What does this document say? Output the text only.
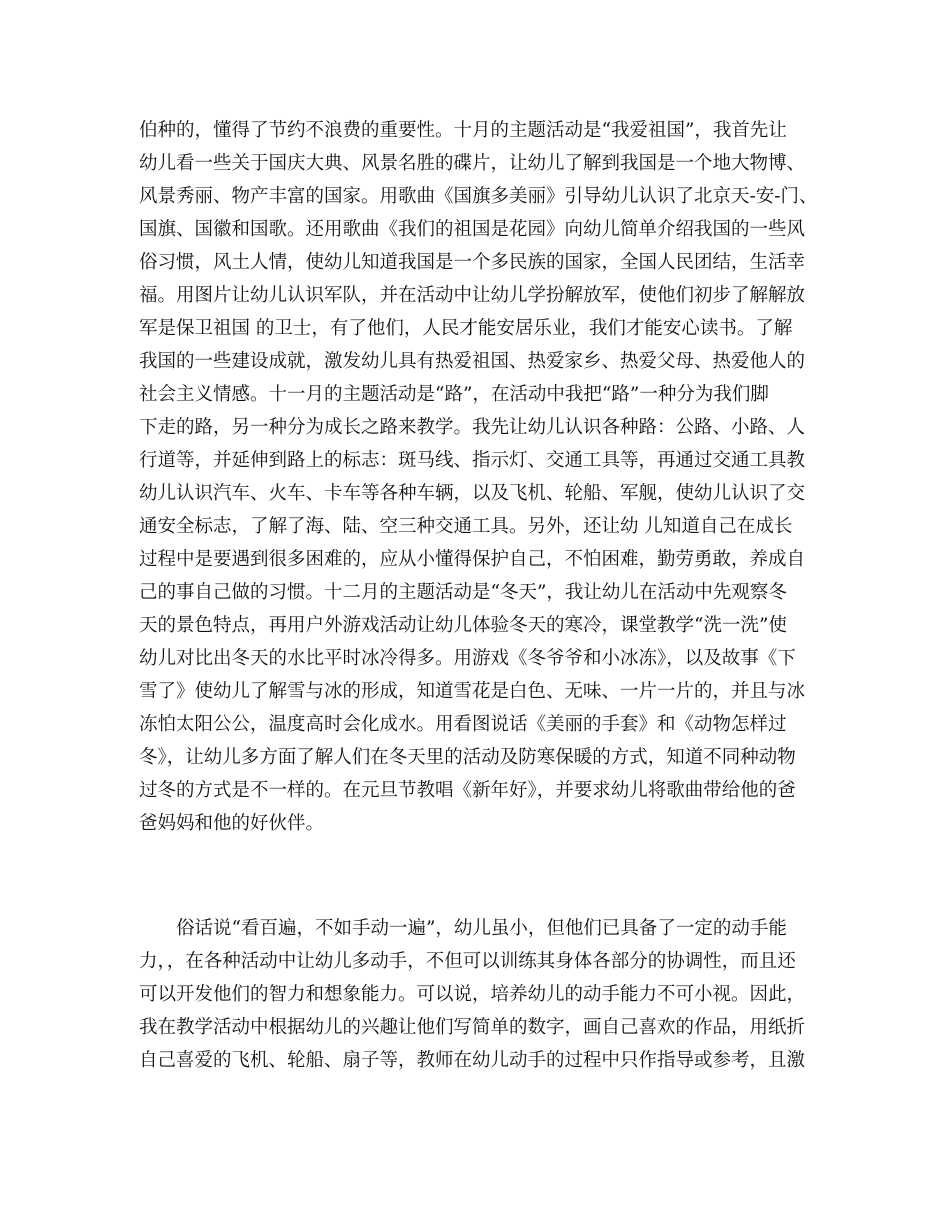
伯种的，懂得了节约不浪费的重要性。十月的主题活动是“我爱祖国”，我首先让
幼儿看一些关于国庆大典、风景名胜的碟片，让幼儿了解到我国是一个地大物博、
风景秀丽、物产丰富的国家。用歌曲《国旗多美丽》引导幼儿认识了北京天-安-门、
国旗、国徽和国歌。还用歌曲《我们的祖国是花园》向幼儿简单介绍我国的一些风
俗习惯，风土人情，使幼儿知道我国是一个多民族的国家，全国人民团结，生活幸
福。用图片让幼儿认识军队，并在活动中让幼儿学扮解放军，使他们初步了解解放
军是保卫祖国 的卫士，有了他们，人民才能安居乐业，我们才能安心读书。了解
我国的一些建设成就，激发幼儿具有热爱祖国、热爱家乡、热爱父母、热爱他人的
社会主义情感。十一月的主题活动是“路”，在活动中我把“路”一种分为我们脚
下走的路，另一种分为成长之路来教学。我先让幼儿认识各种路：公路、小路、人
行道等，并延伸到路上的标志：斑马线、指示灯、交通工具等，再通过交通工具教
幼儿认识汽车、火车、卡车等各种车辆，以及飞机、轮船、军舰，使幼儿认识了交
通安全标志，了解了海、陆、空三种交通工具。另外，还让幼 儿知道自己在成长
过程中是要遇到很多困难的，应从小懂得保护自己，不怕困难，勤劳勇敢，养成自
己的事自己做的习惯。十二月的主题活动是“冬天”，我让幼儿在活动中先观察冬
天的景色特点，再用户外游戏活动让幼儿体验冬天的寒冷，课堂教学“洗一洗”使
幼儿对比出冬天的水比平时冰冷得多。用游戏《冬爷爷和小冰冻》，以及故事《下
雪了》使幼儿了解雪与冰的形成，知道雪花是白色、无味、一片一片的，并且与冰
冻怕太阳公公，温度高时会化成水。用看图说话《美丽的手套》和《动物怎样过
冬》，让幼儿多方面了解人们在冬天里的活动及防寒保暖的方式，知道不同种动物
过冬的方式是不一样的。在元旦节教唱《新年好》，并要求幼儿将歌曲带给他的爸
爸妈妈和他的好伙伴。
俗话说“看百遍，不如手动一遍”，幼儿虽小，但他们已具备了一定的动手能
力，，在各种活动中让幼儿多动手，不但可以训练其身体各部分的协调性，而且还
可以开发他们的智力和想象能力。可以说，培养幼儿的动手能力不可小视。因此，
我在教学活动中根据幼儿的兴趣让他们写简单的数字，画自己喜欢的作品，用纸折
自己喜爱的飞机、轮船、扇子等，教师在幼儿动手的过程中只作指导或参考，且激
